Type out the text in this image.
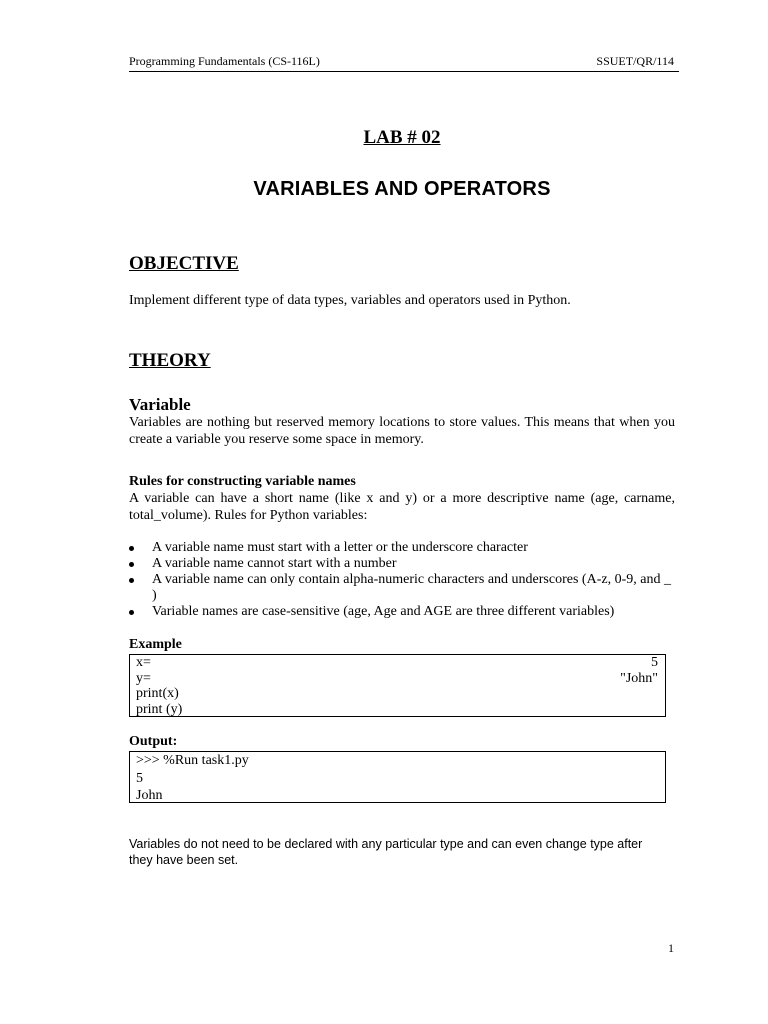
Programming Fundamentals (CS-116L)	SSUET/QR/114
LAB # 02
VARIABLES AND OPERATORS
OBJECTIVE
Implement different type of data types, variables and operators used in Python.
THEORY
Variable
Variables are nothing but reserved memory locations to store values. This means that when you create a variable you reserve some space in memory.
Rules for constructing variable names
A variable can have a short name (like x and y) or a more descriptive name (age, carname, total_volume). Rules for Python variables:
A variable name must start with a letter or the underscore character
A variable name cannot start with a number
A variable name can only contain alpha-numeric characters and underscores (A-z, 0-9, and _ )
Variable names are case-sensitive (age, Age and AGE are three different variables)
Example
x=	5
y=	"John"
print(x)
print (y)
Output:
>>> %Run task1.py
5
John
Variables do not need to be declared with any particular type and can even change type after they have been set.
1
